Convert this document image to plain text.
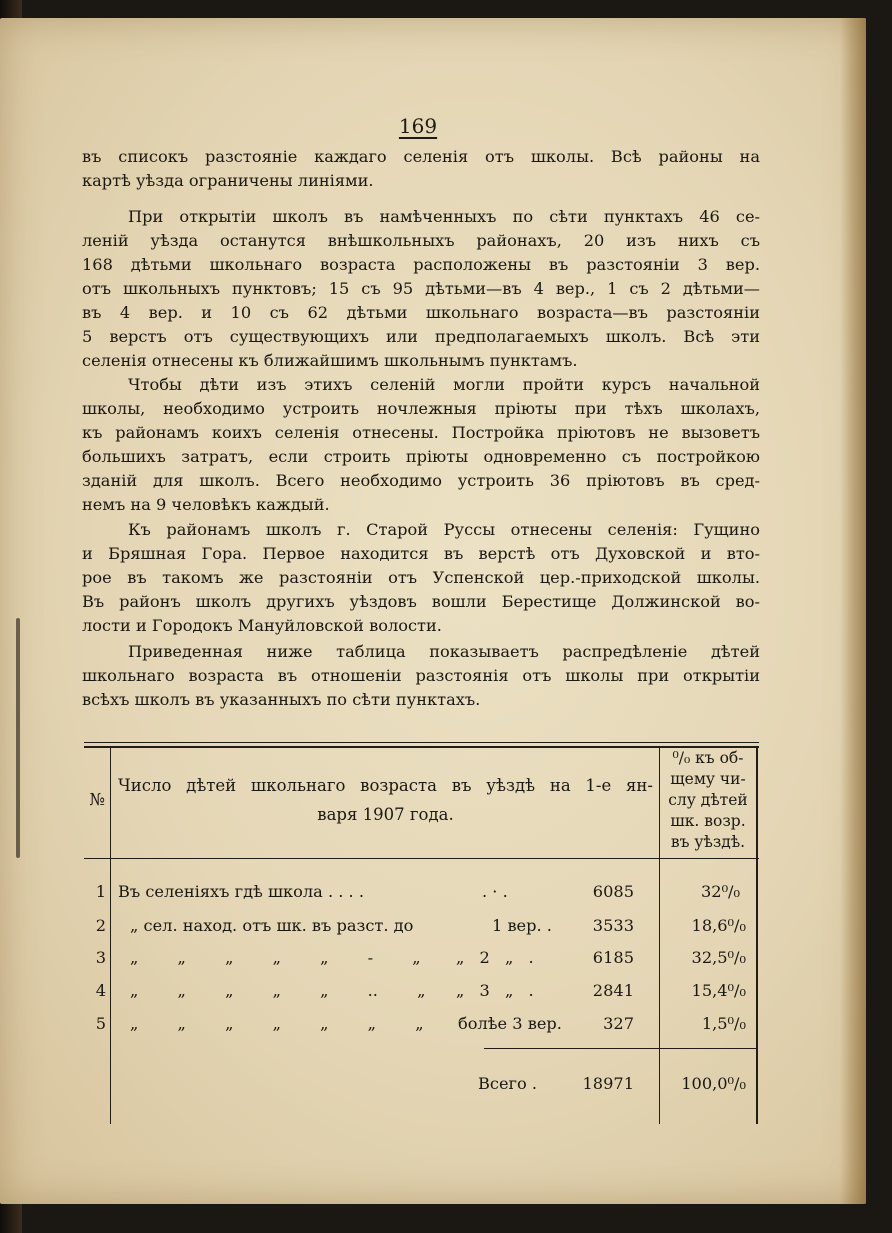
169
въ списокъ разстояніе каждаго селенія отъ школы. Всѣ районы на
картѣ уѣзда ограничены линіями.
При открытіи школъ въ намѣченныхъ по сѣти пунктахъ 46 се-
леній уѣзда останутся внѣшкольныхъ районахъ, 20 изъ нихъ съ
168 дѣтьми школьнаго возраста расположены въ разстояніи 3 вер.
отъ школьныхъ пунктовъ; 15 съ 95 дѣтьми—въ 4 вер., 1 съ 2 дѣтьми—
въ 4 вер. и 10 съ 62 дѣтьми школьнаго возраста—въ разстояніи
5 верстъ отъ существующихъ или предполагаемыхъ школъ. Всѣ эти
селенія отнесены къ ближайшимъ школьнымъ пунктамъ.
Чтобы дѣти изъ этихъ селеній могли пройти курсъ начальной
школы, необходимо устроить ночлежныя пріюты при тѣхъ школахъ,
къ районамъ коихъ селенія отнесены. Постройка пріютовъ не вызоветъ
большихъ затратъ, если строить пріюты одновременно съ постройкою
зданій для школъ. Всего необходимо устроить 36 пріютовъ въ сред-
немъ на 9 человѣкъ каждый.
Къ районамъ школъ г. Старой Руссы отнесены селенія: Гущино
и Бряшная Гора. Первое находится въ верстѣ отъ Духовской и вто-
рое въ такомъ же разстояніи отъ Успенской цер.-приходской школы.
Въ районъ школъ другихъ уѣздовъ вошли Берестище Должинской во-
лости и Городокъ Мануйловской волости.
Приведенная ниже таблица показываетъ распредѣленіе дѣтей
школьнаго возраста въ отношеніи разстоянія отъ школы при открытіи
всѣхъ школъ въ указанныхъ по сѣти пунктахъ.
№
Число дѣтей школьнаго возраста въ уѣздѣ на 1-е ян-
варя 1907 года.
⁰/₀ къ об-
щему чи-
слу дѣтей
шк. возр.
въ уѣздѣ.
1 Въ селеніяхъ гдѣ школа . . . .	. · .	6085	32⁰/₀
2 „ сел. наход. отъ шк. въ разст. до	1 вер. .	3533	18,6⁰/₀
3 „ „ „ „ „ - „ „ 2 „ .	6185	32,5⁰/₀
4 „ „ „ „ „ .. „ „ 3 „ .	2841	15,4⁰/₀
5 „ „ „ „ „ „ „ болѣе 3 вер.	327	1,5⁰/₀
Всего .	18971	100,0⁰/₀
